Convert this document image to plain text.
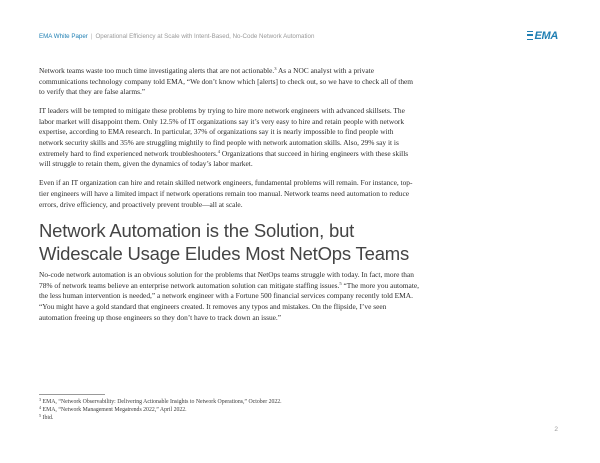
EMA White Paper | Operational Efficiency at Scale with Intent-Based, No-Code Network Automation	EMA

Network teams waste too much time investigating alerts that are not actionable.$^3$ As a NOC analyst with a private communications technology company told EMA, “We don’t know which [alerts] to check out, so we have to check all of them to verify that they are false alarms.”

IT leaders will be tempted to mitigate these problems by trying to hire more network engineers with advanced skillsets. The labor market will disappoint them. Only 12.5% of IT organizations say it’s very easy to hire and retain people with network expertise, according to EMA research. In particular, 37% of organizations say it is nearly impossible to find people with network security skills and 35% are struggling mightily to find people with network automation skills. Also, 29% say it is extremely hard to find experienced network troubleshooters.$^4$ Organizations that succeed in hiring engineers with these skills will struggle to retain them, given the dynamics of today’s labor market.

Even if an IT organization can hire and retain skilled network engineers, fundamental problems will remain. For instance, top-tier engineers will have a limited impact if network operations remain too manual. Network teams need automation to reduce errors, drive efficiency, and proactively prevent trouble—all at scale.

Network Automation is the Solution, but Widescale Usage Eludes Most NetOps Teams

No-code network automation is an obvious solution for the problems that NetOps teams struggle with today. In fact, more than 78% of network teams believe an enterprise network automation solution can mitigate staffing issues.$^5$ “The more you automate, the less human intervention is needed,” a network engineer with a Fortune 500 financial services company recently told EMA. “You might have a gold standard that engineers created. It removes any typos and mistakes. On the flipside, I’ve seen automation freeing up those engineers so they don’t have to track down an issue.”

$^3$ EMA, “Network Observability: Delivering Actionable Insights to Network Operations,” October 2022.
$^4$ EMA, “Network Management Megatrends 2022,” April 2022.
$^5$ Ibid.
2
